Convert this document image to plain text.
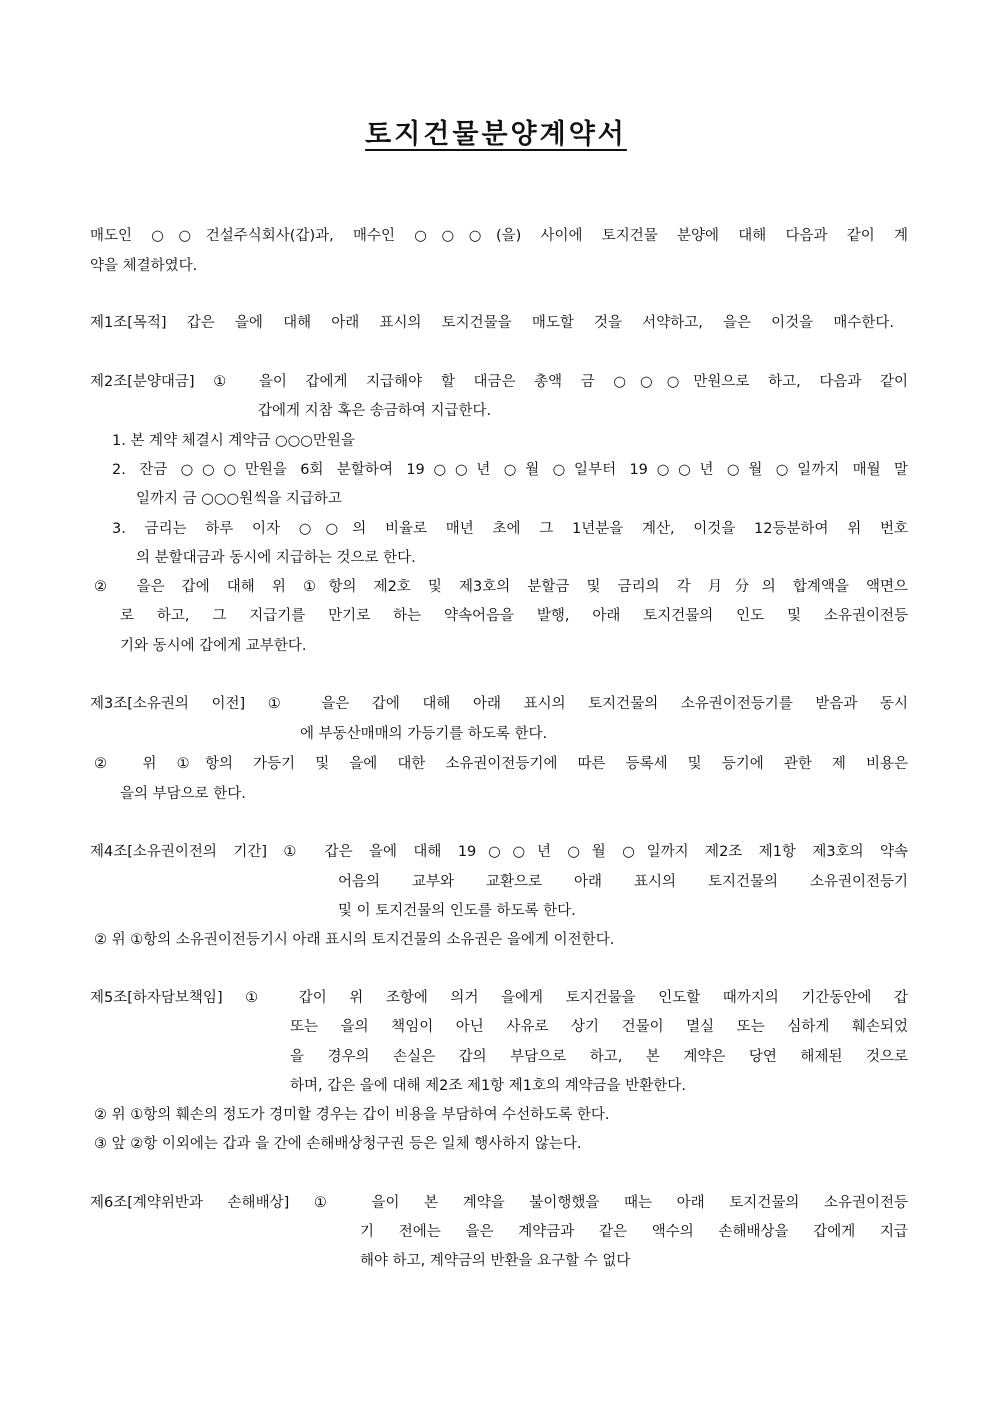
토지건물분양계약서
매도인 ○○건설주식회사(갑)과, 매수인 ○○○(을) 사이에 토지건물 분양에 대해 다음과 같이 계
약을 체결하였다.
제1조[목적] 갑은 을에 대해 아래 표시의 토지건물을 매도할 것을 서약하고, 을은 이것을 매수한다.
제2조[분양대금] ① 을이 갑에게 지급해야 할 대금은 총액 금 ○○○만원으로 하고, 다음과 같이
갑에게 지참 혹은 송금하여 지급한다.
1. 본 계약 체결시 계약금 ○○○만원을
2. 잔금 ○○○만원을 6회 분할하여 19○○년 ○월 ○일부터 19○○년 ○월 ○일까지 매월 말
일까지 금 ○○○원씩을 지급하고
3. 금리는 하루 이자 ○○의 비율로 매년 초에 그 1년분을 계산, 이것을 12등분하여 위 번호
의 분할대금과 동시에 지급하는 것으로 한다.
② 을은 갑에 대해 위 ①항의 제2호 및 제3호의 분할금 및 금리의 각 月分의 합계액을 액면으
로 하고, 그 지급기를 만기로 하는 약속어음을 발행, 아래 토지건물의 인도 및 소유권이전등
기와 동시에 갑에게 교부한다.
제3조[소유권의 이전] ① 을은 갑에 대해 아래 표시의 토지건물의 소유권이전등기를 받음과 동시
에 부동산매매의 가등기를 하도록 한다.
② 위 ①항의 가등기 및 을에 대한 소유권이전등기에 따른 등록세 및 등기에 관한 제 비용은
을의 부담으로 한다.
제4조[소유권이전의 기간] ① 갑은 을에 대해 19○○년 ○월 ○일까지 제2조 제1항 제3호의 약속
어음의 교부와 교환으로 아래 표시의 토지건물의 소유권이전등기
및 이 토지건물의 인도를 하도록 한다.
② 위 ①항의 소유권이전등기시 아래 표시의 토지건물의 소유권은 을에게 이전한다.
제5조[하자담보책임] ① 갑이 위 조항에 의거 을에게 토지건물을 인도할 때까지의 기간동안에 갑
또는 을의 책임이 아닌 사유로 상기 건물이 멸실 또는 심하게 훼손되었
을 경우의 손실은 갑의 부담으로 하고, 본 계약은 당연 해제된 것으로
하며, 갑은 을에 대해 제2조 제1항 제1호의 계약금을 반환한다.
② 위 ①항의 훼손의 정도가 경미할 경우는 갑이 비용을 부담하여 수선하도록 한다.
③ 앞 ②항 이외에는 갑과 을 간에 손해배상청구권 등은 일체 행사하지 않는다.
제6조[계약위반과 손해배상] ① 을이 본 계약을 불이행했을 때는 아래 토지건물의 소유권이전등
기 전에는 을은 계약금과 같은 액수의 손해배상을 갑에게 지급
해야 하고, 계약금의 반환을 요구할 수 없다
